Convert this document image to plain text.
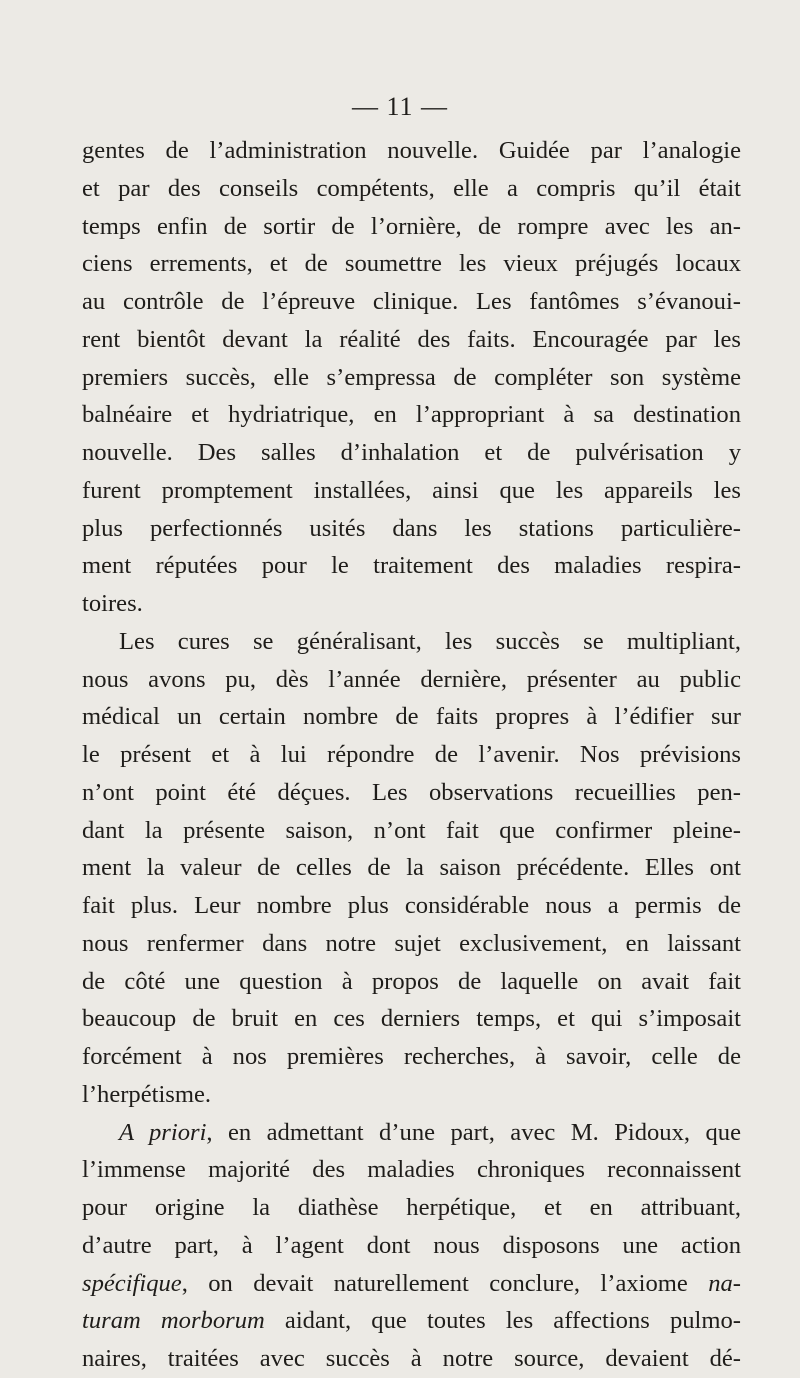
— 11 —
gentes de l’administration nouvelle. Guidée par l’analogie
et par des conseils compétents, elle a compris qu’il était
temps enfin de sortir de l’ornière, de rompre avec les an-
ciens errements, et de soumettre les vieux préjugés locaux
au contrôle de l’épreuve clinique. Les fantômes s’évanoui-
rent bientôt devant la réalité des faits. Encouragée par les
premiers succès, elle s’empressa de compléter son système
balnéaire et hydriatrique, en l’appropriant à sa destination
nouvelle. Des salles d’inhalation et de pulvérisation y
furent promptement installées, ainsi que les appareils les
plus perfectionnés usités dans les stations particulière-
ment réputées pour le traitement des maladies respira-
toires.
Les cures se généralisant, les succès se multipliant,
nous avons pu, dès l’année dernière, présenter au public
médical un certain nombre de faits propres à l’édifier sur
le présent et à lui répondre de l’avenir. Nos prévisions
n’ont point été déçues. Les observations recueillies pen-
dant la présente saison, n’ont fait que confirmer pleine-
ment la valeur de celles de la saison précédente. Elles ont
fait plus. Leur nombre plus considérable nous a permis de
nous renfermer dans notre sujet exclusivement, en laissant
de côté une question à propos de laquelle on avait fait
beaucoup de bruit en ces derniers temps, et qui s’imposait
forcément à nos premières recherches, à savoir, celle de
l’herpétisme.
A priori, en admettant d’une part, avec M. Pidoux, que
l’immense majorité des maladies chroniques reconnaissent
pour origine la diathèse herpétique, et en attribuant,
d’autre part, à l’agent dont nous disposons une action
spécifique, on devait naturellement conclure, l’axiome na-
turam morborum aidant, que toutes les affections pulmo-
naires, traitées avec succès à notre source, devaient dé-
